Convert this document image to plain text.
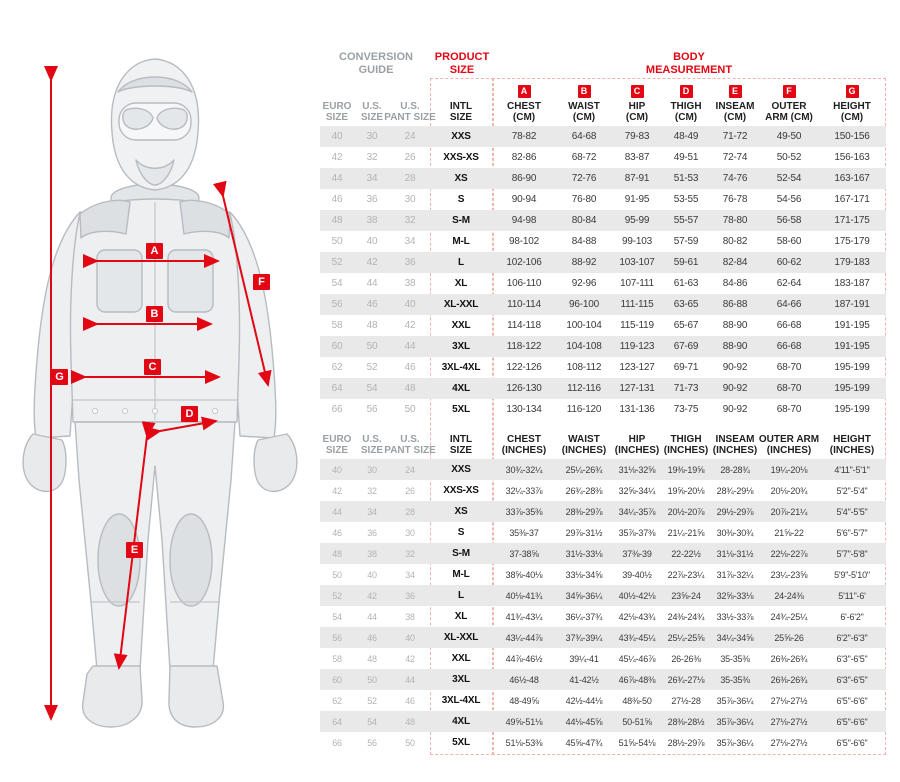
A
B
C
D
E
F
G
CONVERSION GUIDE
PRODUCT SIZE
BODY MEASUREMENT
EURO
SIZE
U.S.
SIZE
U.S.
PANT SIZE
INTL
SIZE
A
CHEST
(CM)
B
WAIST
(CM)
C
HIP
(CM)
D
THIGH
(CM)
E
INSEAM
(CM)
F
OUTER
ARM (CM)
G
HEIGHT
(CM)
40	30	24	XXS	78-82	64-68	79-83	48-49	71-72	49-50	150-156
42	32	26	XXS-XS	82-86	68-72	83-87	49-51	72-74	50-52	156-163
44	34	28	XS	86-90	72-76	87-91	51-53	74-76	52-54	163-167
46	36	30	S	90-94	76-80	91-95	53-55	76-78	54-56	167-171
48	38	32	S-M	94-98	80-84	95-99	55-57	78-80	56-58	171-175
50	40	34	M-L	98-102	84-88	99-103	57-59	80-82	58-60	175-179
52	42	36	L	102-106	88-92	103-107	59-61	82-84	60-62	179-183
54	44	38	XL	106-110	92-96	107-111	61-63	84-86	62-64	183-187
56	46	40	XL-XXL	110-114	96-100	111-115	63-65	86-88	64-66	187-191
58	48	42	XXL	114-118	100-104	115-119	65-67	88-90	66-68	191-195
60	50	44	3XL	118-122	104-108	119-123	67-69	88-90	66-68	191-195
62	52	46	3XL-4XL	122-126	108-112	123-127	69-71	90-92	68-70	195-199
64	54	48	4XL	126-130	112-116	127-131	71-73	90-92	68-70	195-199
66	56	50	5XL	130-134	116-120	131-136	73-75	90-92	68-70	195-199
EURO
SIZE
U.S.
SIZE
U.S.
PANT SIZE
INTL
SIZE
CHEST
(INCHES)
WAIST
(INCHES)
HIP
(INCHES)
THIGH
(INCHES)
INSEAM
(INCHES)
OUTER ARM
(INCHES)
HEIGHT
(INCHES)
40	30	24	XXS	30¾-32¼	25¼-26¾	31⅛-32⅝	19⅜-19⅝	28-28¾	19¼-20⅛	4'11"-5'1"
42	32	26	XXS-XS	32¼-33⅞	26¾-28⅜	32⅝-34¼	19⅝-20⅛	28¾-29⅛	20⅛-20¾	5'2"-5'4"
44	34	28	XS	33⅞-35⅜	28⅜-29⅞	34¼-35⅞	20½-20⅞	29½-29⅞	20⅞-21¼	5'4"-5'5"
46	36	30	S	35⅜-37	29⅞-31½	35⅞-37⅜	21¼-21⅝	30⅜-30¾	21⅝-22	5'6"-5'7"
48	38	32	S-M	37-38⅝	31½-33⅛	37⅜-39	22-22½	31⅛-31½	22⅛-22⅞	5'7"-5'8"
50	40	34	M-L	38⅝-40⅛	33⅛-34⅝	39-40½	22⅞-23¼	31⅞-32¼	23¼-23⅝	5'9"-5'10"
52	42	36	L	40⅛-41¾	34⅝-36¼	40½-42⅛	23⅝-24	32⅝-33⅛	24-24⅜	5'11"-6'
54	44	38	XL	41¾-43¼	36¼-37¾	42⅛-43¾	24⅜-24¾	33½-33⅞	24¾-25¼	6'-6'2"
56	46	40	XL-XXL	43¼-44⅞	37¾-39¼	43¾-45¼	25¼-25⅝	34¼-34⅝	25⅝-26	6'2"-6'3"
58	48	42	XXL	44⅞-46½	39¼-41	45¼-46⅞	26-26⅜	35-35⅜	26⅜-26¾	6'3"-6'5"
60	50	44	3XL	46½-48	41-42½	46⅞-48⅜	26¾-27⅛	35-35⅜	26⅜-26¾	6'3"-6'5"
62	52	46	3XL-4XL	48-49⅝	42½-44⅛	48⅜-50	27½-28	35⅞-36¼	27⅛-27½	6'5"-6'6"
64	54	48	4XL	49⅝-51⅛	44⅛-45⅝	50-51⅝	28⅜-28½	35⅞-36¼	27⅛-27½	6'5"-6'6"
66	56	50	5XL	51⅛-53⅜	45⅝-47¾	51⅝-54⅛	28½-29⅞	35⅞-36¼	27⅛-27½	6'5"-6'6"
